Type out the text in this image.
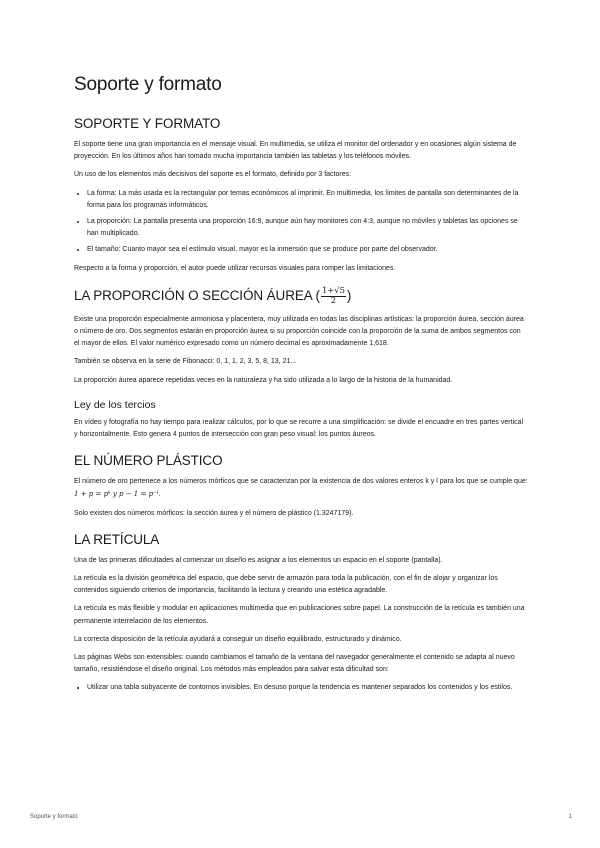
Soporte y formato
SOPORTE Y FORMATO

El soporte tiene una gran importancia en el mensaje visual. En multimedia, se utiliza el monitor del ordenador y en ocasiones algún sistema de proyección. En los últimos años han tomado mucha importancia también las tabletas y los teléfonos móviles.

Un uso de los elementos más decisivos del soporte es el formato, definido por 3 factores:

• La forma: La más usada es la rectangular por temas económicos al imprimir. En multimedia, los límites de pantalla son determinantes de la forma para los programas informáticos.
• La proporción: La pantalla presenta una proporción 16:9, aunque aún hay monitores con 4:3, aunque no móviles y tabletas las opciones se han multiplicado.
• El tamaño: Cuanto mayor sea el estímulo visual, mayor es la inmersión que se produce por parte del observador.

Respecto a la forma y proporción, el autor puede utilizar recursos visuales para romper las limitaciones.

LA PROPORCIÓN O SECCIÓN ÁUREA ( $\frac{1+√5}{2}$ )

Existe una proporción especialmente armoniosa y placentera, muy utilizada en todas las disciplinas artísticas: la proporción áurea, sección áurea o número de oro. Dos segmentos estarán en proporción áurea si su proporción coincide con la proporción de la suma de ambos segmentos con el mayor de ellos. El valor numérico expresado como un número decimal es aproximadamente 1,618.

También se observa en la serie de Fibonacci: 0, 1, 1, 2, 3, 5, 8, 13, 21...

La proporción áurea aparece repetidas veces en la naturaleza y ha sido utilizada a lo largo de la historia de la humanidad.

Ley de los tercios

En vídeo y fotografía no hay tiempo para realizar cálculos, por lo que se recurre a una simplificación: se divide el encuadre en tres partes vertical y horizontalmente. Esto genera 4 puntos de intersección con gran peso visual: los puntos áureos.

EL NÚMERO PLÁSTICO

El número de oro pertenece a los números mórficos que se caracterizan por la existencia de dos valores enteros k y l para los que se cumple que: 1 + p = pᵏ y p − 1 = p⁻ˡ.

Solo existen dos números mórficos: la sección áurea y el número de plástico (1.3247179).

LA RETÍCULA

Una de las primeras dificultades al comenzar un diseño es asignar a los elementos un espacio en el soporte (pantalla).

La retícula es la división geométrica del espacio, que debe servir de armazón para toda la publicación, con el fin de alojar y organizar los contenidos siguiendo criterios de importancia, facilitando la lectura y creando una estética agradable.

La retícula es más flexible y modular en aplicaciones multimedia que en publicaciones sobre papel. La construcción de la retícula es también una permanente interrelación de los elementos.

La correcta disposición de la retícula ayudará a conseguir un diseño equilibrado, estructurado y dinámico.

Las páginas Webs son extensibles: cuando cambiamos el tamaño de la ventana del navegador generalmente el contenido se adapta al nuevo tamaño, resistiéndose el diseño original. Los métodos más empleados para salvar esta dificultad son:

• Utilizar una tabla subyacente de contornos invisibles. En desuso porque la tendencia es mantener separados los contenidos y los estilos.
Soporte y formato	1
